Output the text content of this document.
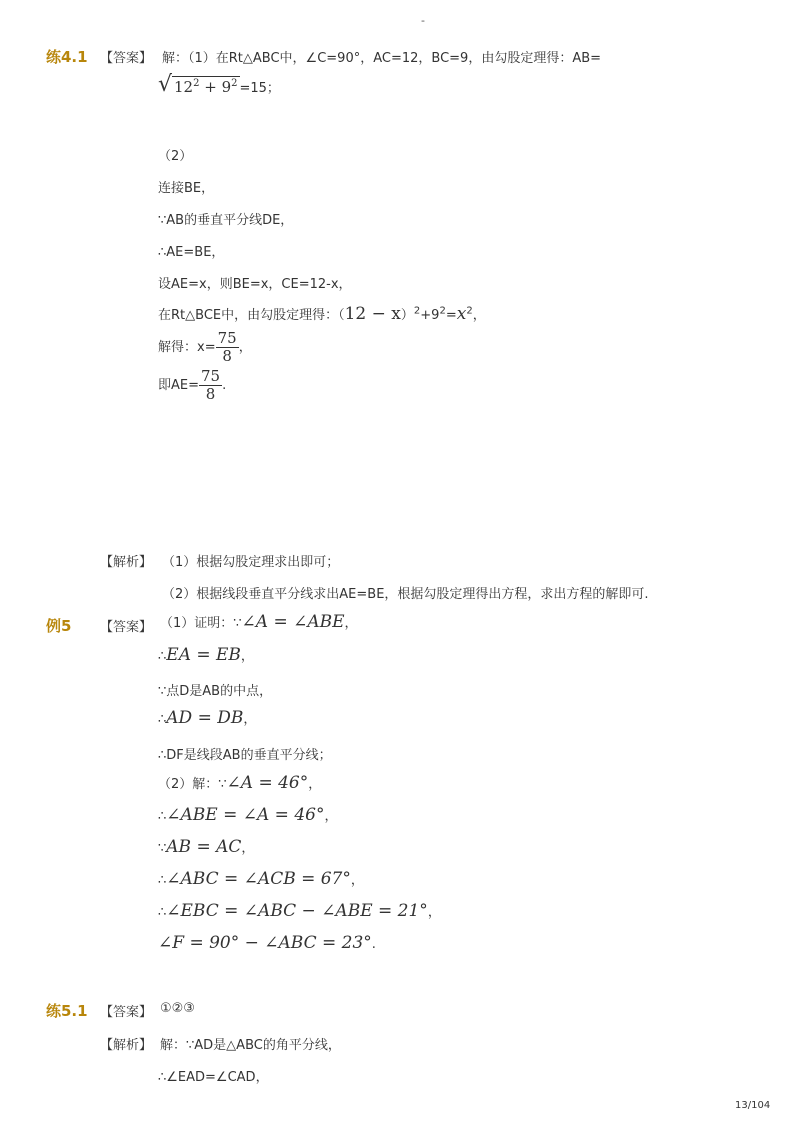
-
练4.1 【答案】 解：（1）在Rt△ABC中，∠C=90°，AC=12，BC=9，由勾股定理得：AB=
√ $12^2 + 9^2 =15$；
（2）
连接BE，
∵AB的垂直平分线DE，
∴AE=BE，
设AE=x，则BE=x，CE=12-x，
在Rt△BCE中，由勾股定理得：$(12 - x)^2+9^2=x^2$，
解得：$x= \frac{75}{8}$ ，
即$AE= \frac{75}{8}$ .
【解析】 （1）根据勾股定理求出即可；
（2）根据线段垂直平分线求出AE=BE，根据勾股定理得出方程，求出方程的解即可.
例5 【答案】 （1）证明：∵∠A = ∠ABE，
∴EA = EB，
∵点D是AB的中点，
∴AD = DB，
∴DF是线段AB的垂直平分线；
（2）解：∵∠A = 46°，
∴∠ABE = ∠A = 46°，
∵AB = AC，
∴∠ABC = ∠ACB = 67°，
∴∠EBC = ∠ABC − ∠ABE = 21°，
∠F = 90° − ∠ABC = 23°.
练5.1 【答案】 ①②③
【解析】 解：∵AD是△ABC的角平分线，
∴∠EAD=∠CAD，
13/104
